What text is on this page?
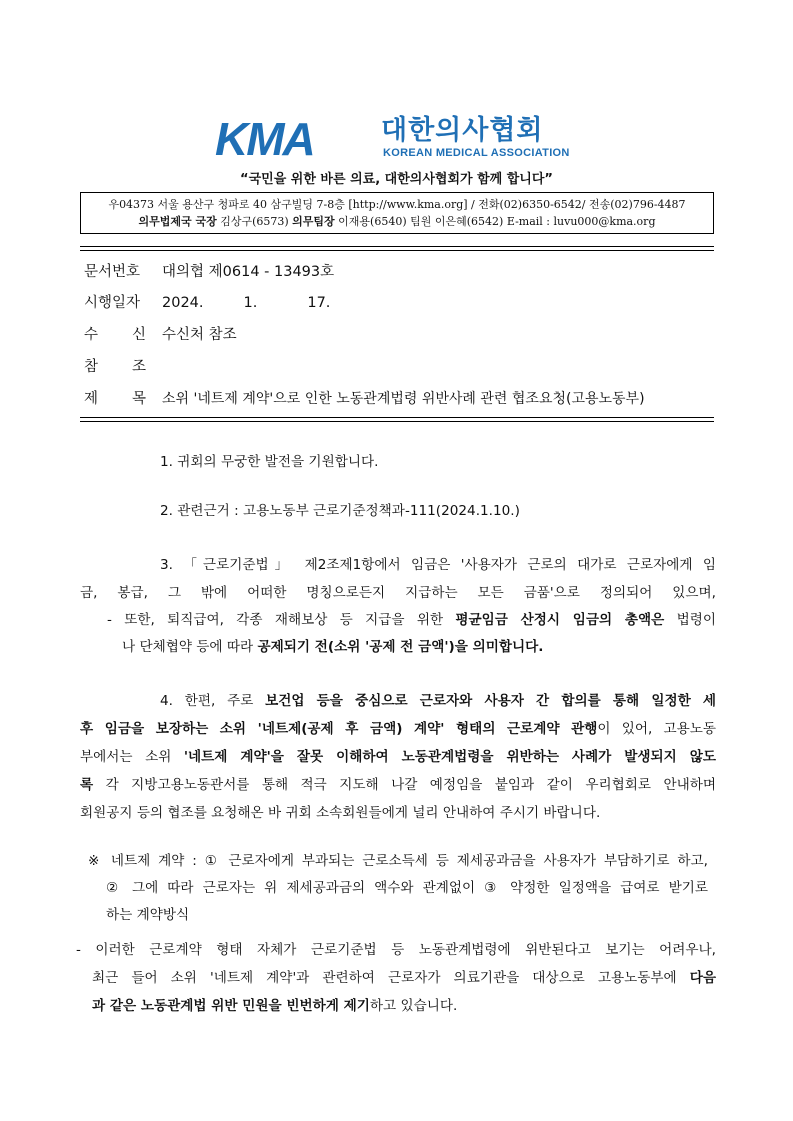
KMA 대한의사협회
KOREAN MEDICAL ASSOCIATION
“국민을 위한 바른 의료, 대한의사협회가 함께 합니다”
우04373 서울 용산구 청파로 40 삼구빌딩 7-8층 [http://www.kma.org] / 전화(02)6350-6542/ 전송(02)796-4487
의무법제국 국장 김상구(6573) 의무팀장 이재용(6540) 팀원 이은혜(6542) E-mail : luvu000@kma.org
문서번호 대의협 제0614 - 13493호
시행일자 2024.	1.	17.
수 신 수신처 참조
참 조
제 목 소위 '네트제 계약'으로 인한 노동관계법령 위반사례 관련 협조요청(고용노동부)
1. 귀회의 무궁한 발전을 기원합니다.
2. 관련근거 : 고용노동부 근로기준정책과-111(2024.1.10.)
3. 「근로기준법」 제2조제1항에서 임금은 '사용자가 근로의 대가로 근로자에게 임
금, 봉급, 그 밖에 어떠한 명칭으로든지 지급하는 모든 금품'으로 정의되어 있으며,
- 또한, 퇴직급여, 각종 재해보상 등 지급을 위한 평균임금 산정시 임금의 총액은 법령이
나 단체협약 등에 따라 공제되기 전(소위 '공제 전 금액')을 의미합니다.
4. 한편, 주로 보건업 등을 중심으로 근로자와 사용자 간 합의를 통해 일정한 세
후 임금을 보장하는 소위 '네트제(공제 후 금액) 계약' 형태의 근로계약 관행이 있어, 고용노동
부에서는 소위 '네트제 계약'을 잘못 이해하여 노동관계법령을 위반하는 사례가 발생되지 않도
록 각 지방고용노동관서를 통해 적극 지도해 나갈 예정임을 붙임과 같이 우리협회로 안내하며
회원공지 등의 협조를 요청해온 바 귀회 소속회원들에게 널리 안내하여 주시기 바랍니다.
※ 네트제 계약 : ① 근로자에게 부과되는 근로소득세 등 제세공과금을 사용자가 부담하기로 하고,
② 그에 따라 근로자는 위 제세공과금의 액수와 관계없이 ③ 약정한 일정액을 급여로 받기로
하는 계약방식
- 이러한 근로계약 형태 자체가 근로기준법 등 노동관계법령에 위반된다고 보기는 어려우나,
최근 들어 소위 '네트제 계약'과 관련하여 근로자가 의료기관을 대상으로 고용노동부에 다음
과 같은 노동관계법 위반 민원을 빈번하게 제기하고 있습니다.
